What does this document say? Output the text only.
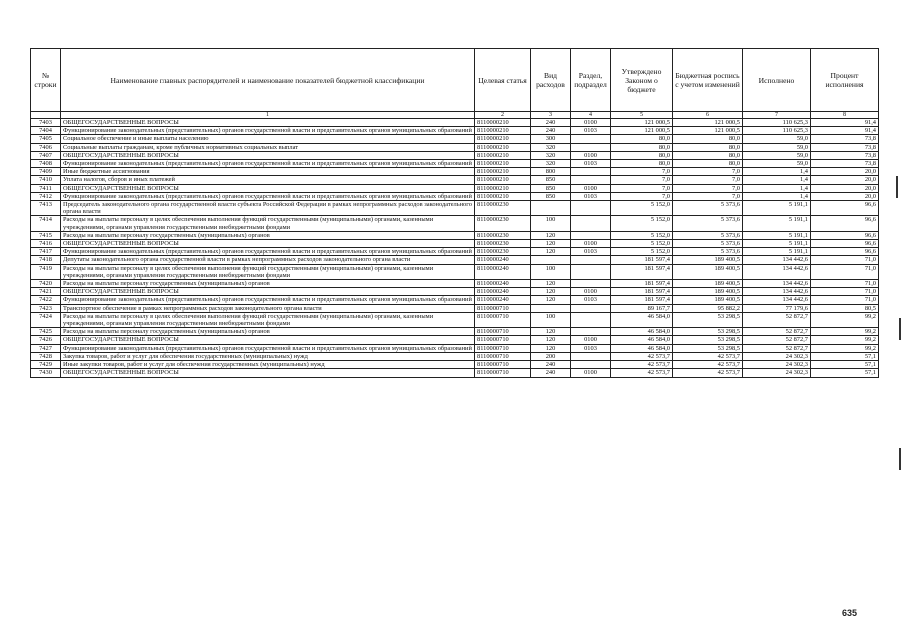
№ строки	Наименование главных распорядителей и наименование показателей бюджетной классификации	Целевая статья	Вид расходов	Раздел, подраздел	Утверждено Законом о бюджете	Бюджетная роспись с учетом изменений	Исполнено	Процент исполнения
	1	2	3	4	5	6	7	8
7403	ОБЩЕГОСУДАРСТВЕННЫЕ ВОПРОСЫ	8110000210	240	0100	121 000,5	121 000,5	110 625,3	91,4
7404	Функционирование законодательных (представительных) органов государственной власти и представительных органов муниципальных образований	8110000210	240	0103	121 000,5	121 000,5	110 625,3	91,4
7405	Социальное обеспечение и иные выплаты населению	8110000210	300		80,0	80,0	59,0	73,8
7406	Социальные выплаты гражданам, кроме публичных нормативных социальных выплат	8110000210	320		80,0	80,0	59,0	73,8
7407	ОБЩЕГОСУДАРСТВЕННЫЕ ВОПРОСЫ	8110000210	320	0100	80,0	80,0	59,0	73,8
7408	Функционирование законодательных (представительных) органов государственной власти и представительных органов муниципальных образований	8110000210	320	0103	80,0	80,0	59,0	73,8
7409	Иные бюджетные ассигнования	8110000210	800		7,0	7,0	1,4	20,0
7410	Уплата налогов, сборов и иных платежей	8110000210	850		7,0	7,0	1,4	20,0
7411	ОБЩЕГОСУДАРСТВЕННЫЕ ВОПРОСЫ	8110000210	850	0100	7,0	7,0	1,4	20,0
7412	Функционирование законодательных (представительных) органов государственной власти и представительных органов муниципальных образований	8110000210	850	0103	7,0	7,0	1,4	20,0
7413	Председатель законодательного органа государственной власти субъекта Российской Федерации в рамках непрограммных расходов законодательного органа власти	8110000230			5 152,0	5 373,6	5 191,1	96,6
7414	Расходы на выплаты персоналу в целях обеспечения выполнения функций государственными (муниципальными) органами, казенными учреждениями, органами управления государственными внебюджетными фондами	8110000230	100		5 152,0	5 373,6	5 191,1	96,6
7415	Расходы на выплаты персоналу государственных (муниципальных) органов	8110000230	120		5 152,0	5 373,6	5 191,1	96,6
7416	ОБЩЕГОСУДАРСТВЕННЫЕ ВОПРОСЫ	8110000230	120	0100	5 152,0	5 373,6	5 191,1	96,6
7417	Функционирование законодательных (представительных) органов государственной власти и представительных органов муниципальных образований	8110000230	120	0103	5 152,0	5 373,6	5 191,1	96,6
7418	Депутаты законодательного органа государственной власти в рамках непрограммных расходов законодательного органа власти	8110000240			181 597,4	189 400,5	134 442,6	71,0
7419	Расходы на выплаты персоналу в целях обеспечения выполнения функций государственными (муниципальными) органами, казенными учреждениями, органами управления государственными внебюджетными фондами	8110000240	100		181 597,4	189 400,5	134 442,6	71,0
7420	Расходы на выплаты персоналу государственных (муниципальных) органов	8110000240	120		181 597,4	189 400,5	134 442,6	71,0
7421	ОБЩЕГОСУДАРСТВЕННЫЕ ВОПРОСЫ	8110000240	120	0100	181 597,4	189 400,5	134 442,6	71,0
7422	Функционирование законодательных (представительных) органов государственной власти и представительных органов муниципальных образований	8110000240	120	0103	181 597,4	189 400,5	134 442,6	71,0
7423	Транспортное обеспечение в рамках непрограммных расходов законодательного органа власти	8110000710			89 167,7	95 882,2	77 179,6	80,5
7424	Расходы на выплаты персоналу в целях обеспечения выполнения функций государственными (муниципальными) органами, казенными учреждениями, органами управления государственными внебюджетными фондами	8110000710	100		46 584,0	53 298,5	52 872,7	99,2
7425	Расходы на выплаты персоналу государственных (муниципальных) органов	8110000710	120		46 584,0	53 298,5	52 872,7	99,2
7426	ОБЩЕГОСУДАРСТВЕННЫЕ ВОПРОСЫ	8110000710	120	0100	46 584,0	53 298,5	52 872,7	99,2
7427	Функционирование законодательных (представительных) органов государственной власти и представительных органов муниципальных образований	8110000710	120	0103	46 584,0	53 298,5	52 872,7	99,2
7428	Закупка товаров, работ и услуг для обеспечения государственных (муниципальных) нужд	8110000710	200		42 573,7	42 573,7	24 302,3	57,1
7429	Иные закупки товаров, работ и услуг для обеспечения государственных (муниципальных) нужд	8110000710	240		42 573,7	42 573,7	24 302,3	57,1
7430	ОБЩЕГОСУДАРСТВЕННЫЕ ВОПРОСЫ	8110000710	240	0100	42 573,7	42 573,7	24 302,3	57,1
635
